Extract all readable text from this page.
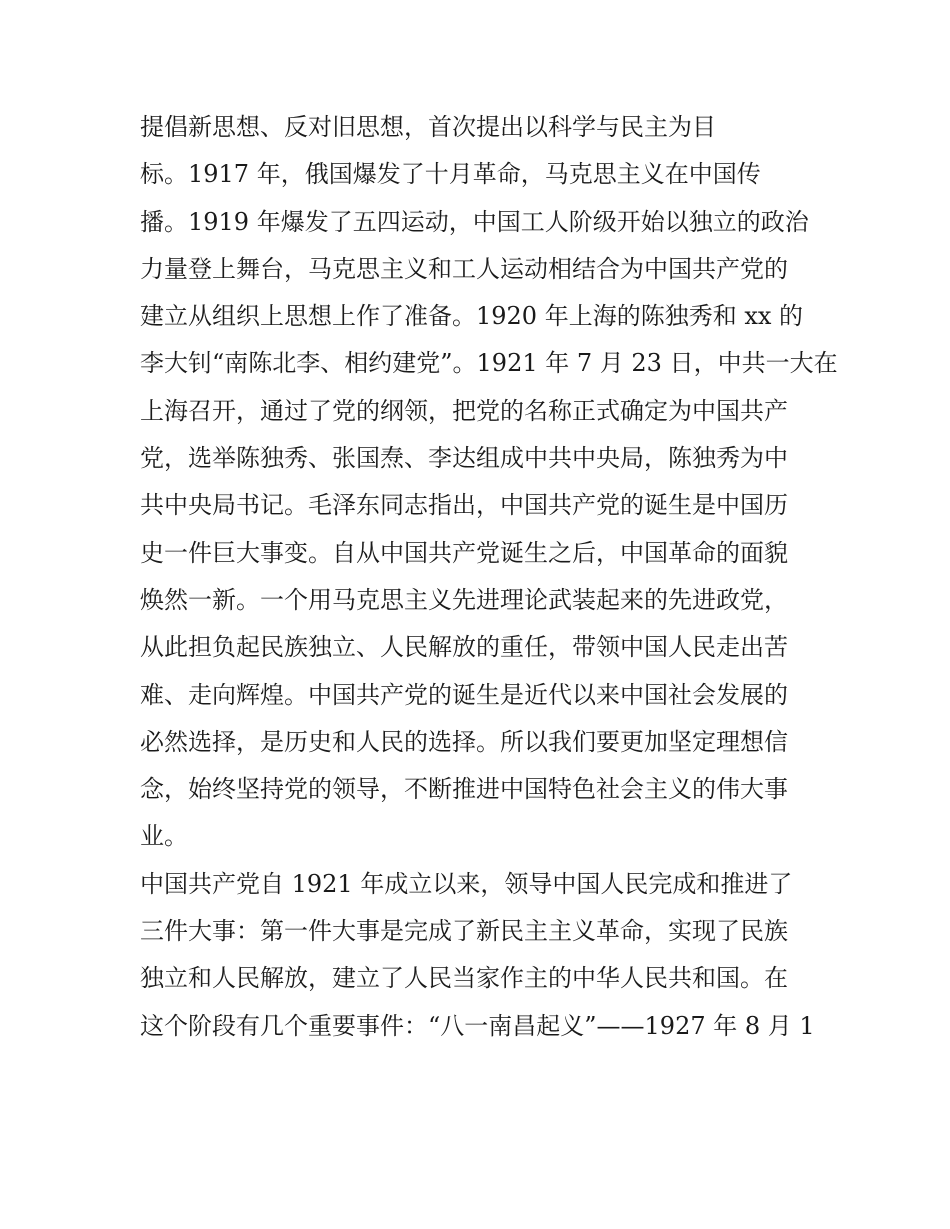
提倡新思想、反对旧思想，首次提出以科学与民主为目
标。1917 年，俄国爆发了十月革命，马克思主义在中国传
播。1919 年爆发了五四运动，中国工人阶级开始以独立的政治
力量登上舞台，马克思主义和工人运动相结合为中国共产党的
建立从组织上思想上作了准备。1920 年上海的陈独秀和 xx 的
李大钊“南陈北李、相约建党”。1921 年 7 月 23 日，中共一大在
上海召开，通过了党的纲领，把党的名称正式确定为中国共产
党，选举陈独秀、张国焘、李达组成中共中央局，陈独秀为中
共中央局书记。毛泽东同志指出，中国共产党的诞生是中国历
史一件巨大事变。自从中国共产党诞生之后，中国革命的面貌
焕然一新。一个用马克思主义先进理论武装起来的先进政党，
从此担负起民族独立、人民解放的重任，带领中国人民走出苦
难、走向辉煌。中国共产党的诞生是近代以来中国社会发展的
必然选择，是历史和人民的选择。所以我们要更加坚定理想信
念，始终坚持党的领导，不断推进中国特色社会主义的伟大事
业。
中国共产党自 1921 年成立以来，领导中国人民完成和推进了
三件大事：第一件大事是完成了新民主主义革命，实现了民族
独立和人民解放，建立了人民当家作主的中华人民共和国。在
这个阶段有几个重要事件：“八一南昌起义”——1927 年 8 月 1
